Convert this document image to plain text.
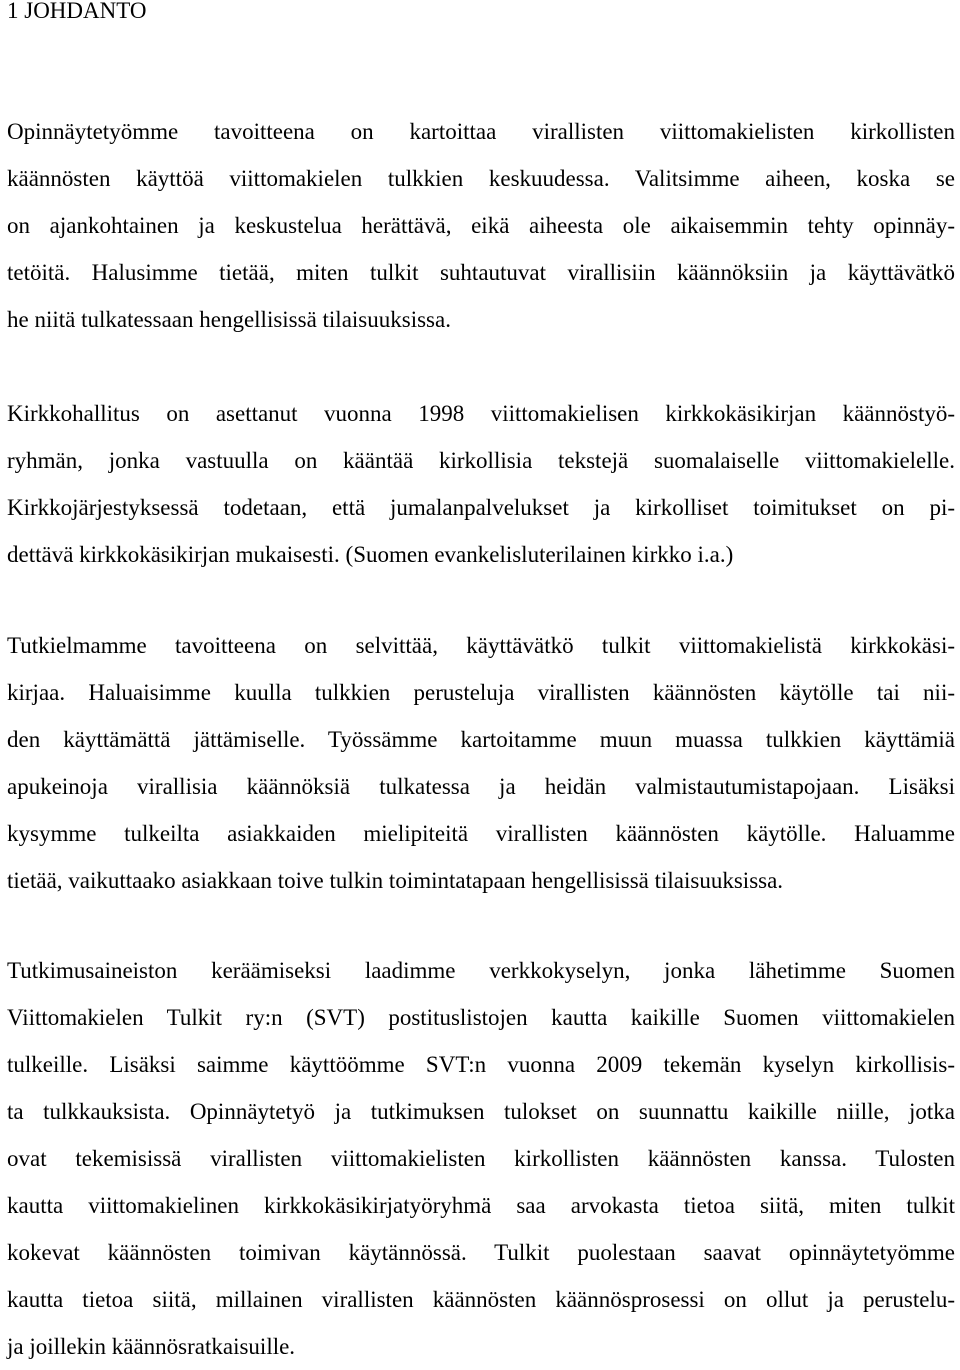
1 JOHDANTO
Opinnäytetyömme tavoitteena on kartoittaa virallisten viittomakielisten kirkollisten
käännösten käyttöä viittomakielen tulkkien keskuudessa. Valitsimme aiheen, koska se
on ajankohtainen ja keskustelua herättävä, eikä aiheesta ole aikaisemmin tehty opinnäy-
tetöitä. Halusimme tietää, miten tulkit suhtautuvat virallisiin käännöksiin ja käyttävätkö
he niitä tulkatessaan hengellisissä tilaisuuksissa.
Kirkkohallitus on asettanut vuonna 1998 viittomakielisen kirkkokäsikirjan käännöstyö-
ryhmän, jonka vastuulla on kääntää kirkollisia tekstejä suomalaiselle viittomakielelle.
Kirkkojärjestyksessä todetaan, että jumalanpalvelukset ja kirkolliset toimitukset on pi-
dettävä kirkkokäsikirjan mukaisesti. (Suomen evankelisluterilainen kirkko i.a.)
Tutkielmamme tavoitteena on selvittää, käyttävätkö tulkit viittomakielistä kirkkokäsi-
kirjaa. Haluaisimme kuulla tulkkien perusteluja virallisten käännösten käytölle tai nii-
den käyttämättä jättämiselle. Työssämme kartoitamme muun muassa tulkkien käyttämiä
apukeinoja virallisia käännöksiä tulkatessa ja heidän valmistautumistapojaan. Lisäksi
kysymme tulkeilta asiakkaiden mielipiteitä virallisten käännösten käytölle. Haluamme
tietää, vaikuttaako asiakkaan toive tulkin toimintatapaan hengellisissä tilaisuuksissa.
Tutkimusaineiston keräämiseksi laadimme verkkokyselyn, jonka lähetimme Suomen
Viittomakielen Tulkit ry:n (SVT) postituslistojen kautta kaikille Suomen viittomakielen
tulkeille. Lisäksi saimme käyttöömme SVT:n vuonna 2009 tekemän kyselyn kirkollisis-
ta tulkkauksista. Opinnäytetyö ja tutkimuksen tulokset on suunnattu kaikille niille, jotka
ovat tekemisissä virallisten viittomakielisten kirkollisten käännösten kanssa. Tulosten
kautta viittomakielinen kirkkokäsikirjatyöryhmä saa arvokasta tietoa siitä, miten tulkit
kokevat käännösten toimivan käytännössä. Tulkit puolestaan saavat opinnäytetyömme
kautta tietoa siitä, millainen virallisten käännösten käännösprosessi on ollut ja perustelu-
ja joillekin käännösratkaisuille.
